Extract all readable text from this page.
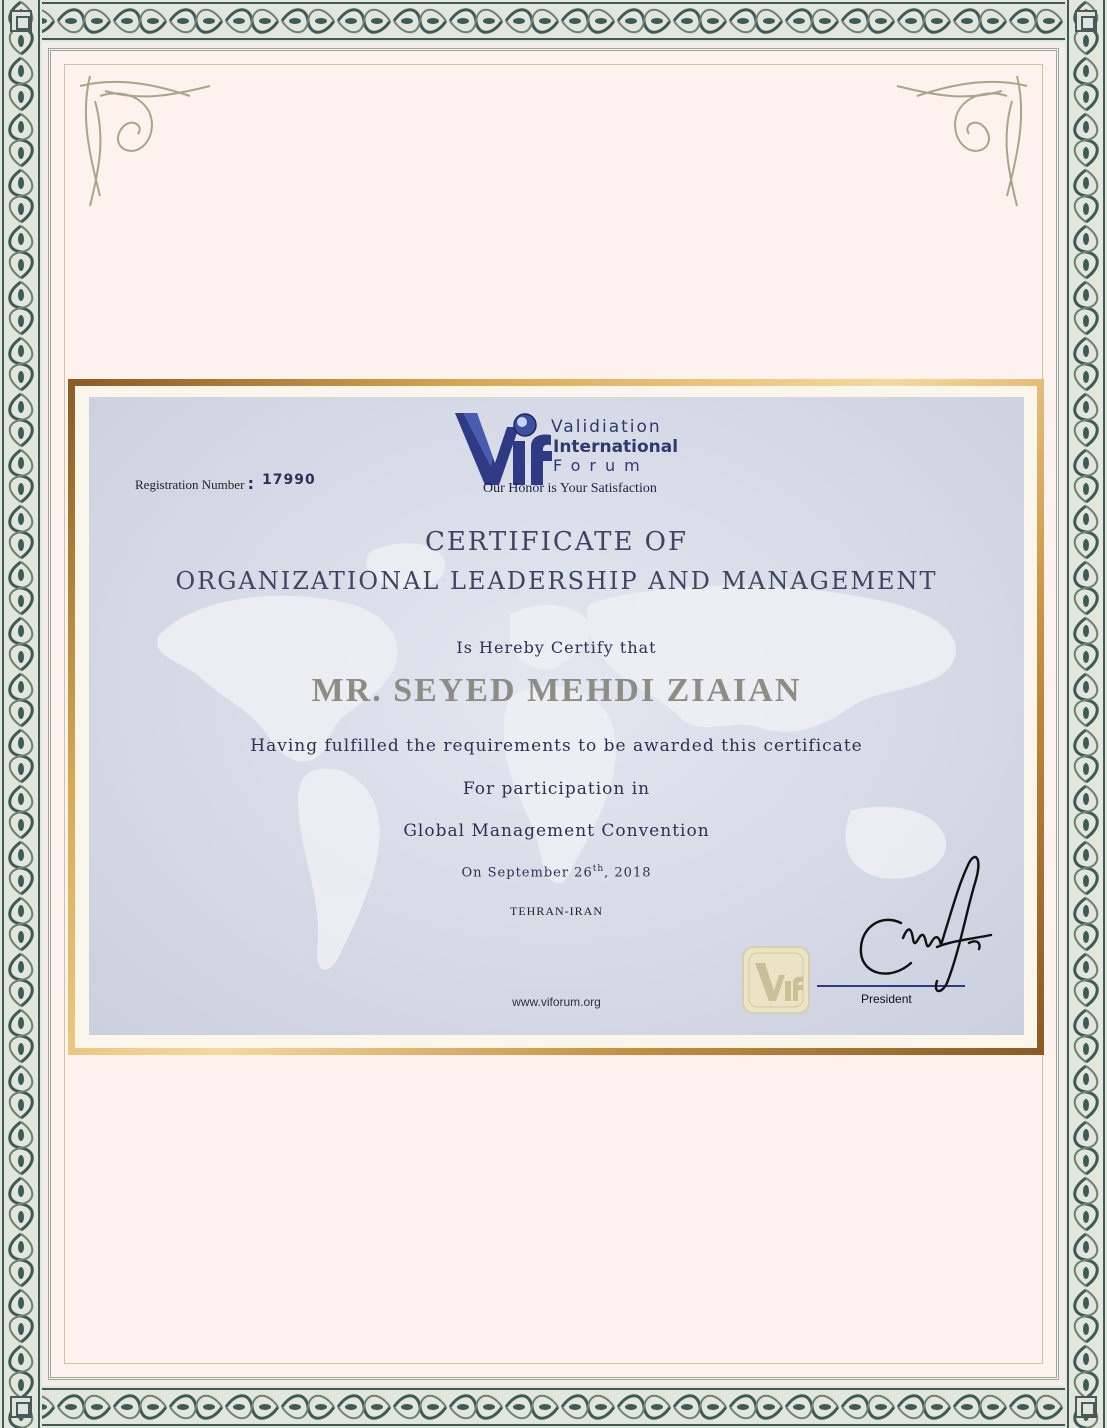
Registration Number : 17990
Validiation
International
Forum
Our Honor is Your Satisfaction
CERTIFICATE OF
ORGANIZATIONAL LEADERSHIP AND MANAGEMENT
Is Hereby Certify that
MR. SEYED MEHDI ZIAIAN
Having fulfilled the requirements to be awarded this certificate
For participation in
Global Management Convention
On September 26th, 2018
TEHRAN-IRAN
www.viforum.org	President
